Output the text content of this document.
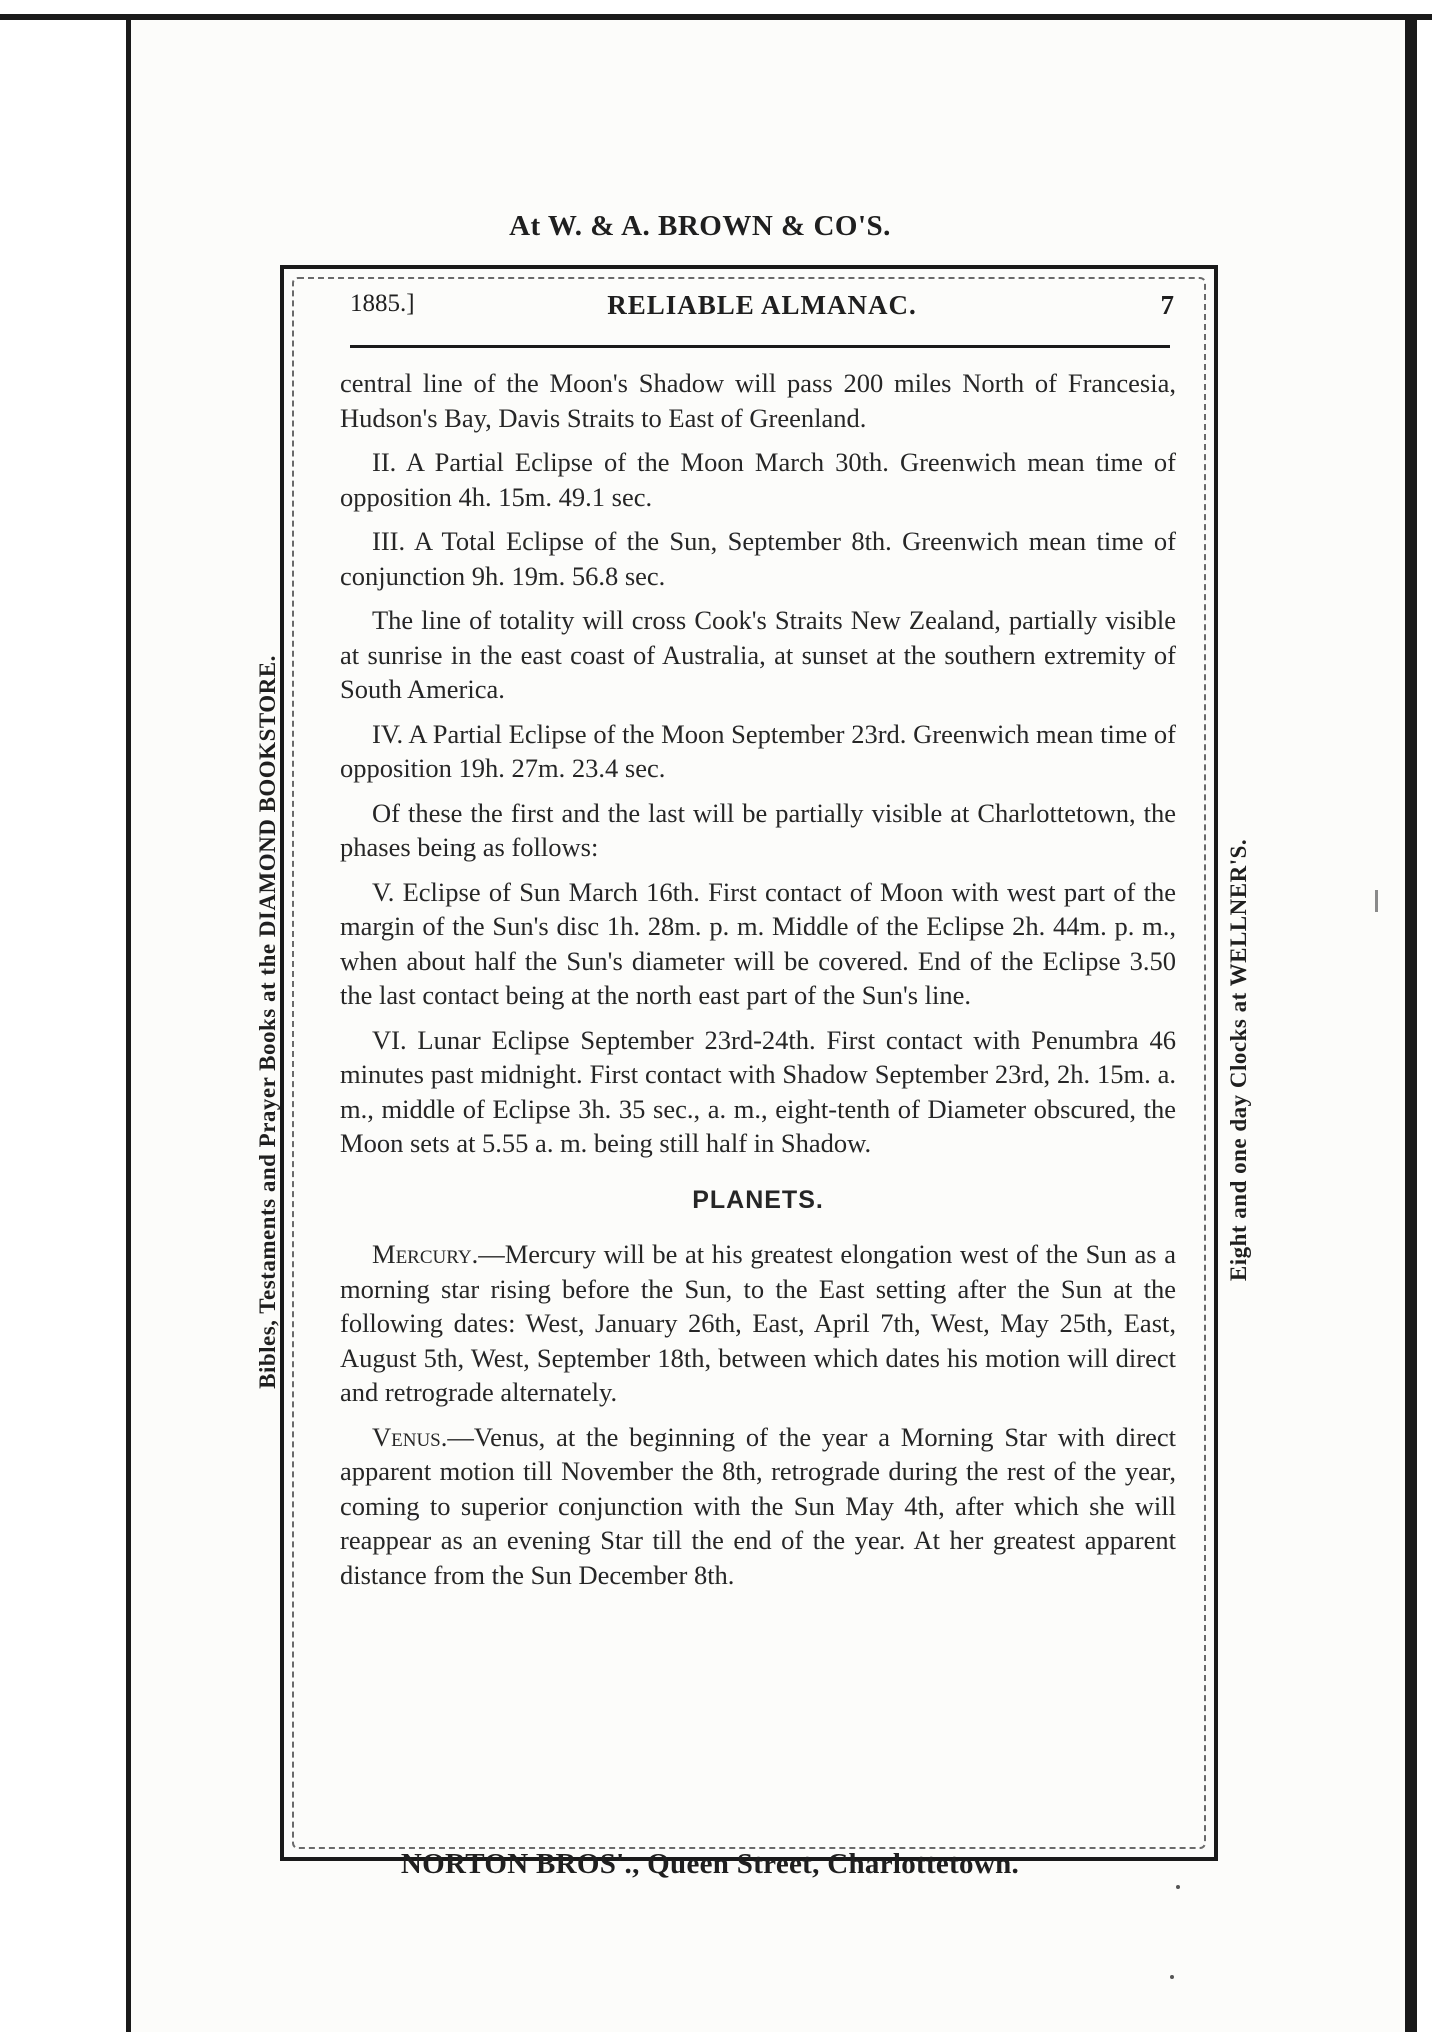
At W. & A. BROWN & CO'S.
Bibles, Testaments and Prayer Books at the DIAMOND BOOKSTORE.	Eight and one day Clocks at WELLNER'S.
1885.]	RELIABLE ALMANAC.	7

central line of the Moon's Shadow will pass 200 miles North of Francesia, Hudson's Bay, Davis Straits to East of Greenland.

II. A Partial Eclipse of the Moon March 30th. Greenwich mean time of opposition 4h. 15m. 49.1 sec.

III. A Total Eclipse of the Sun, September 8th. Greenwich mean time of conjunction 9h. 19m. 56.8 sec.

The line of totality will cross Cook's Straits New Zealand, partially visible at sunrise in the east coast of Australia, at sunset at the southern extremity of South America.

IV. A Partial Eclipse of the Moon September 23rd. Greenwich mean time of opposition 19h. 27m. 23.4 sec.

Of these the first and the last will be partially visible at Charlottetown, the phases being as follows:

V. Eclipse of Sun March 16th. First contact of Moon with west part of the margin of the Sun's disc 1h. 28m. p. m. Middle of the Eclipse 2h. 44m. p. m., when about half the Sun's diameter will be covered. End of the Eclipse 3.50 the last contact being at the north east part of the Sun's line.

VI. Lunar Eclipse September 23rd-24th. First contact with Penumbra 46 minutes past midnight. First contact with Shadow September 23rd, 2h. 15m. a. m., middle of Eclipse 3h. 35 sec., a. m., eight-tenth of Diameter obscured, the Moon sets at 5.55 a. m. being still half in Shadow.

PLANETS.

Mercury.—Mercury will be at his greatest elongation west of the Sun as a morning star rising before the Sun, to the East setting after the Sun at the following dates: West, January 26th, East, April 7th, West, May 25th, East, August 5th, West, September 18th, between which dates his motion will direct and retrograde alternately.

Venus.—Venus, at the beginning of the year a Morning Star with direct apparent motion till November the 8th, retrograde during the rest of the year, coming to superior conjunction with the Sun May 4th, after which she will reappear as an evening Star till the end of the year. At her greatest apparent distance from the Sun December 8th.

NORTON BROS'., Queen Street, Charlottetown.
